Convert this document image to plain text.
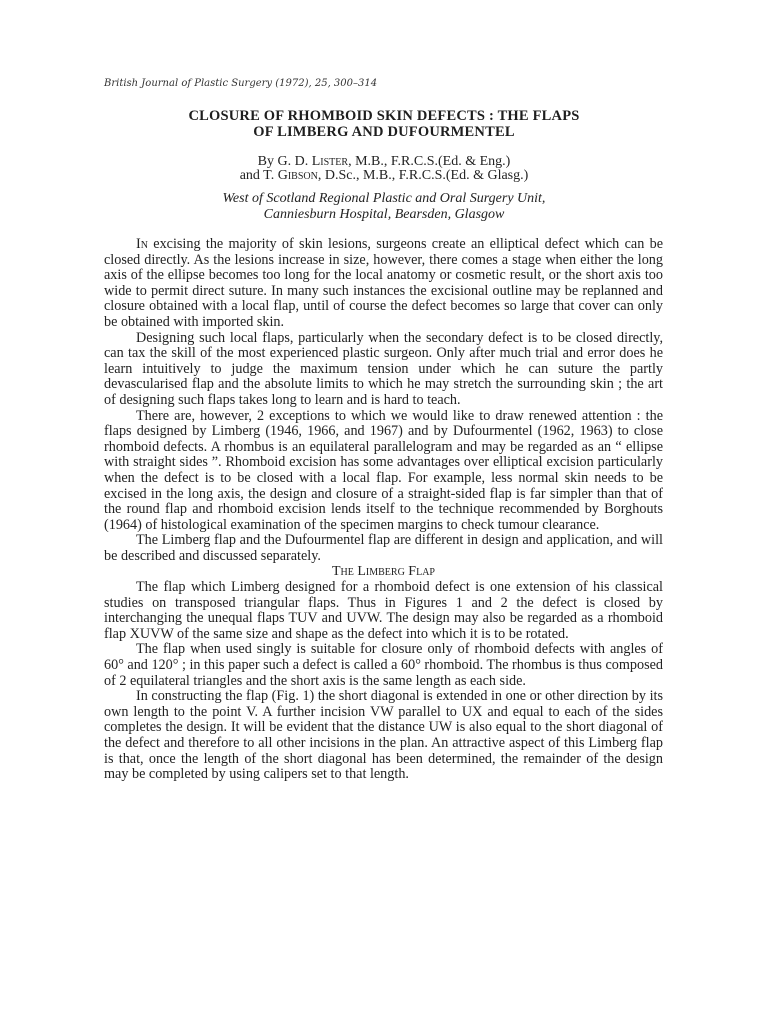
British Journal of Plastic Surgery (1972), 25, 300–314
CLOSURE OF RHOMBOID SKIN DEFECTS : THE FLAPS
OF LIMBERG AND DUFOURMENTEL
By G. D. Lister, M.B., F.R.C.S.(Ed. & Eng.)
and T. Gibson, D.Sc., M.B., F.R.C.S.(Ed. & Glasg.)
West of Scotland Regional Plastic and Oral Surgery Unit,
Canniesburn Hospital, Bearsden, Glasgow

In excising the majority of skin lesions, surgeons create an elliptical defect which can be closed directly. As the lesions increase in size, however, there comes a stage when either the long axis of the ellipse becomes too long for the local anatomy or cosmetic result, or the short axis too wide to permit direct suture. In many such instances the excisional outline may be replanned and closure obtained with a local flap, until of course the defect becomes so large that cover can only be obtained with imported skin.

Designing such local flaps, particularly when the secondary defect is to be closed directly, can tax the skill of the most experienced plastic surgeon. Only after much trial and error does he learn intuitively to judge the maximum tension under which he can suture the partly devascularised flap and the absolute limits to which he may stretch the surrounding skin ; the art of designing such flaps takes long to learn and is hard to teach.

There are, however, 2 exceptions to which we would like to draw renewed attention : the flaps designed by Limberg (1946, 1966, and 1967) and by Dufourmentel (1962, 1963) to close rhomboid defects. A rhombus is an equilateral parallelogram and may be regarded as an “ ellipse with straight sides ”. Rhomboid excision has some advantages over elliptical excision particularly when the defect is to be closed with a local flap. For example, less normal skin needs to be excised in the long axis, the design and closure of a straight-sided flap is far simpler than that of the round flap and rhomboid excision lends itself to the technique recommended by Borghouts (1964) of histological examination of the specimen margins to check tumour clearance.

The Limberg flap and the Dufourmentel flap are different in design and application, and will be described and discussed separately.

The Limberg Flap

The flap which Limberg designed for a rhomboid defect is one extension of his classical studies on transposed triangular flaps. Thus in Figures 1 and 2 the defect is closed by interchanging the unequal flaps TUV and UVW. The design may also be regarded as a rhomboid flap XUVW of the same size and shape as the defect into which it is to be rotated.

The flap when used singly is suitable for closure only of rhomboid defects with angles of 60° and 120° ; in this paper such a defect is called a 60° rhomboid. The rhombus is thus composed of 2 equilateral triangles and the short axis is the same length as each side.

In constructing the flap (Fig. 1) the short diagonal is extended in one or other direction by its own length to the point V. A further incision VW parallel to UX and equal to each of the sides completes the design. It will be evident that the distance UW is also equal to the short diagonal of the defect and therefore to all other incisions in the plan. An attractive aspect of this Limberg flap is that, once the length of the short diagonal has been determined, the remainder of the design may be completed by using calipers set to that length.
